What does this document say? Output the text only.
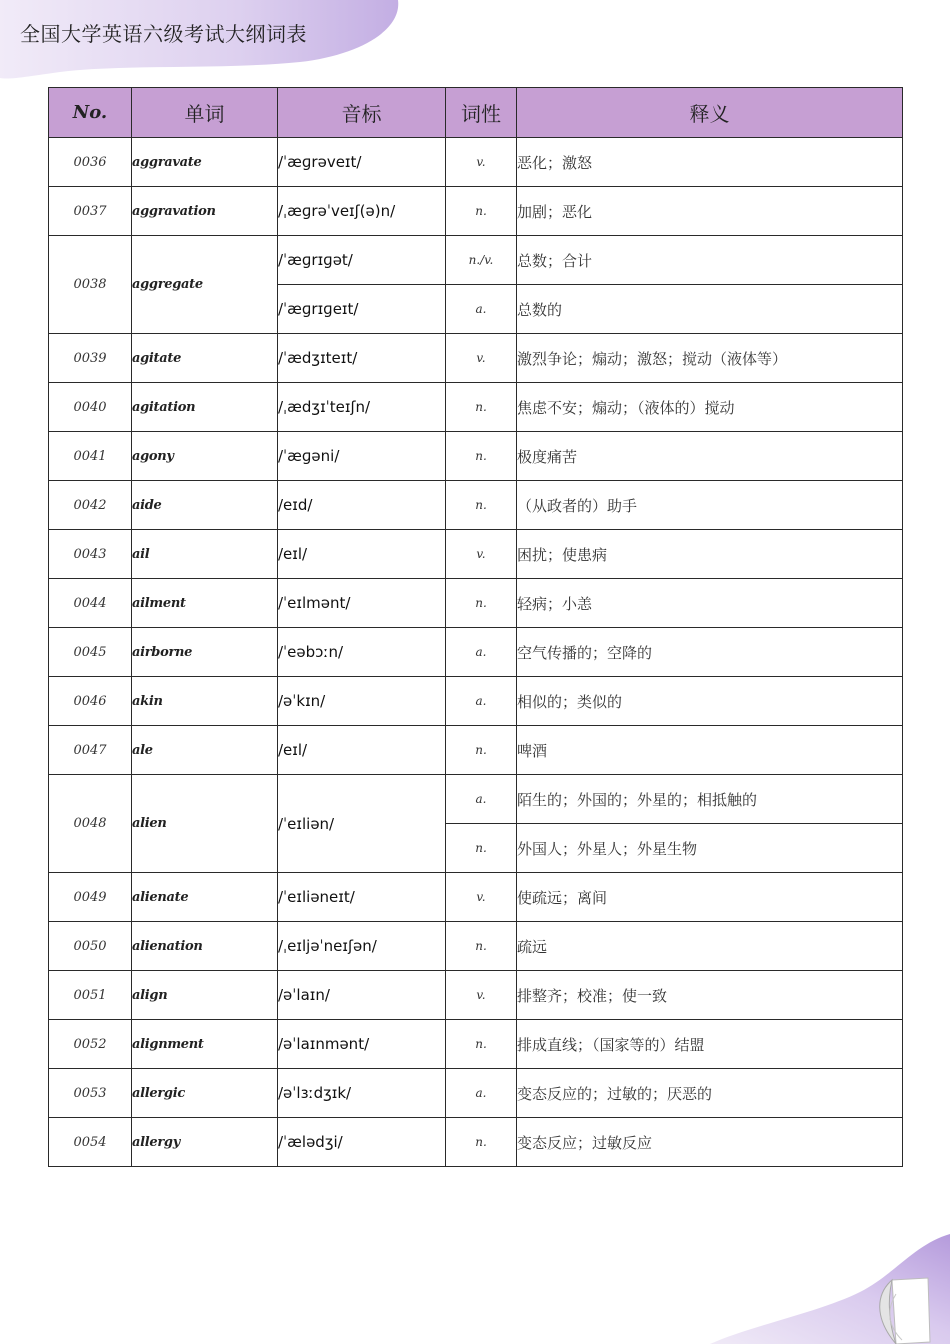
全国大学英语六级考试大纲词表
No.	单词	音标	词性	释义
0036	aggravate	/ˈæɡrəveɪt/	v.	恶化；激怒
0037	aggravation	/ˌæɡrəˈveɪʃ(ə)n/	n.	加剧；恶化
0038	aggregate	/ˈæɡrɪɡət/	n./v.	总数；合计
		/ˈæɡrɪɡeɪt/	a.	总数的
0039	agitate	/ˈædʒɪteɪt/	v.	激烈争论；煽动；激怒；搅动（液体等）
0040	agitation	/ˌædʒɪˈteɪʃn/	n.	焦虑不安；煽动；（液体的）搅动
0041	agony	/ˈæɡəni/	n.	极度痛苦
0042	aide	/eɪd/	n.	（从政者的）助手
0043	ail	/eɪl/	v.	困扰；使患病
0044	ailment	/ˈeɪlmənt/	n.	轻病；小恙
0045	airborne	/ˈeəbɔːn/	a.	空气传播的；空降的
0046	akin	/əˈkɪn/	a.	相似的；类似的
0047	ale	/eɪl/	n.	啤酒
0048	alien	/ˈeɪliən/	a.	陌生的；外国的；外星的；相抵触的
			n.	外国人；外星人；外星生物
0049	alienate	/ˈeɪliəneɪt/	v.	使疏远；离间
0050	alienation	/ˌeɪljəˈneɪʃən/	n.	疏远
0051	align	/əˈlaɪn/	v.	排整齐；校准；使一致
0052	alignment	/əˈlaɪnmənt/	n.	排成直线；（国家等的）结盟
0053	allergic	/əˈlɜːdʒɪk/	a.	变态反应的；过敏的；厌恶的
0054	allergy	/ˈælədʒi/	n.	变态反应；过敏反应
